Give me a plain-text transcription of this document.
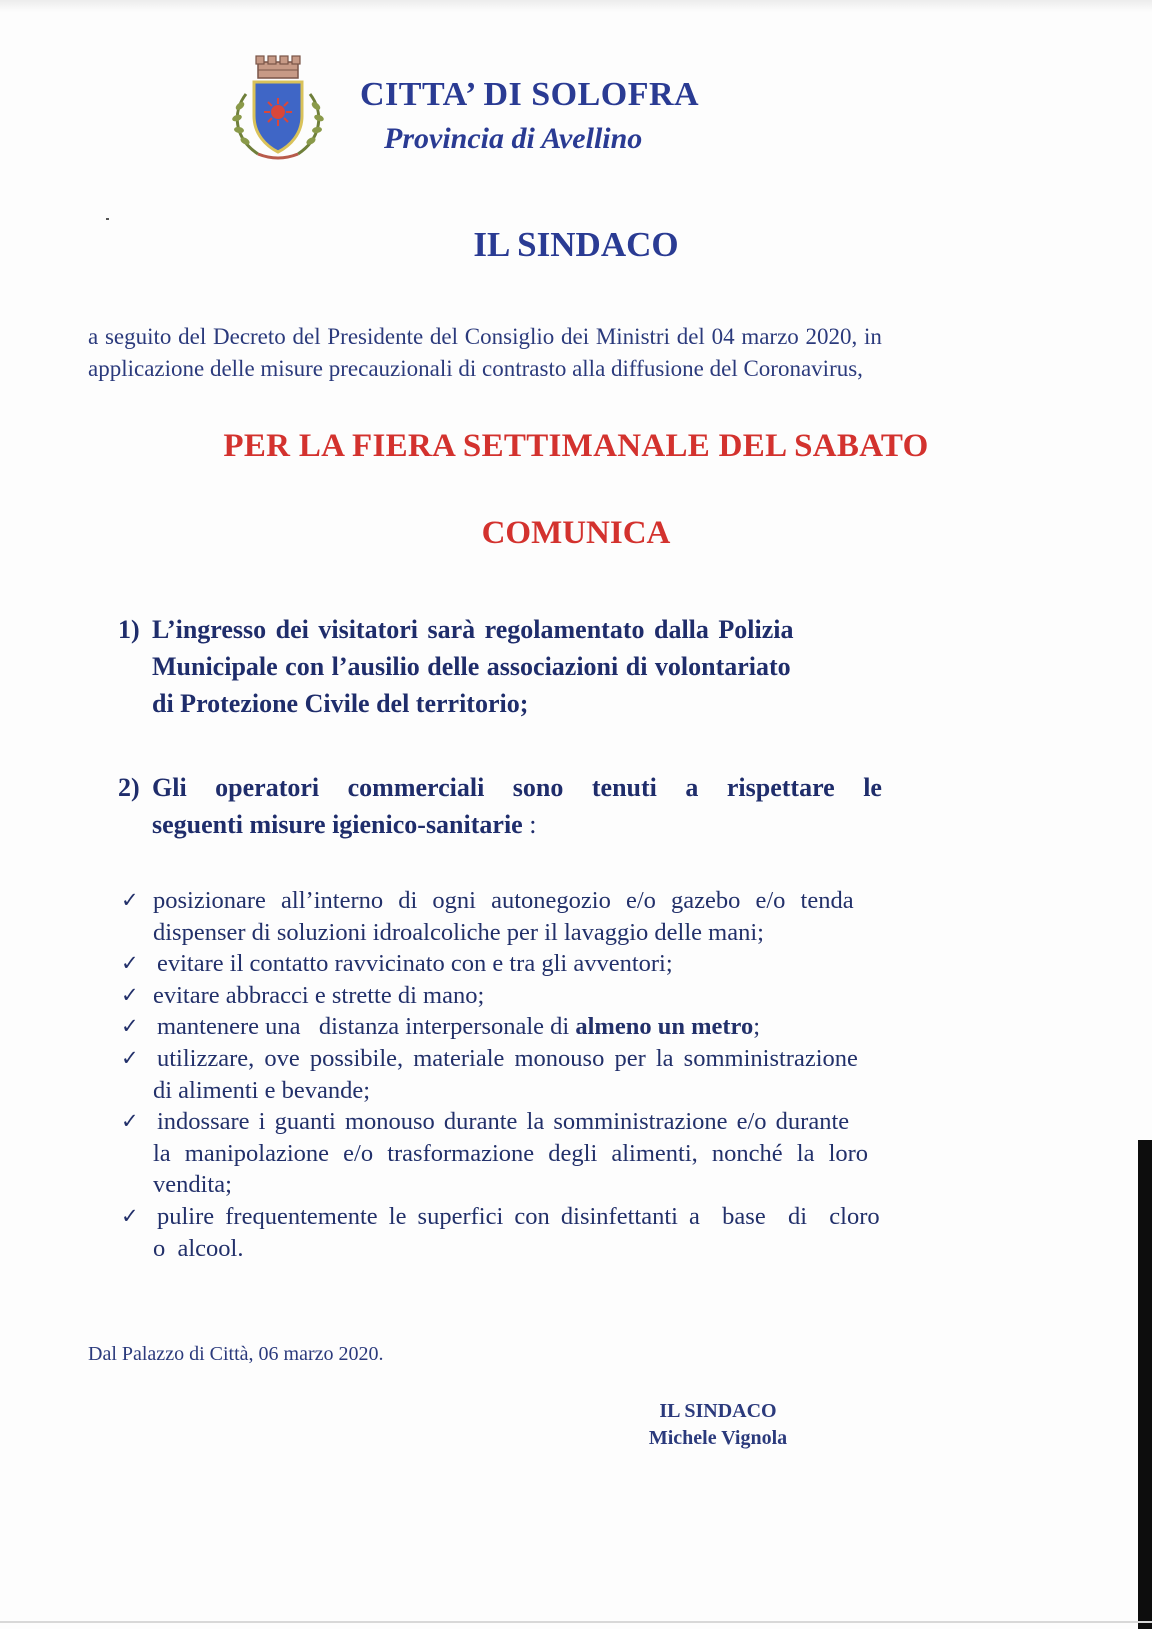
CITTA’ DI SOLOFRA
Provincia di Avellino
IL SINDACO
a seguito del Decreto del Presidente del Consiglio dei Ministri del 04 marzo 2020, in
applicazione delle misure precauzionali di contrasto alla diffusione del Coronavirus,
PER LA FIERA SETTIMANALE DEL SABATO
COMUNICA
1) L’ingresso dei visitatori sarà regolamentato dalla Polizia
Municipale con l’ausilio delle associazioni di volontariato
di Protezione Civile del territorio;
2) Gli operatori commerciali sono tenuti a rispettare le
seguenti misure igienico-sanitarie :
✓ posizionare all’interno di ogni autonegozio e/o gazebo e/o tenda
dispenser di soluzioni idroalcoliche per il lavaggio delle mani;
✓ evitare il contatto ravvicinato con e tra gli avventori;
✓ evitare abbracci e strette di mano;
✓ mantenere una   distanza interpersonale di almeno un metro;
✓ utilizzare, ove possibile, materiale monouso per la somministrazione
di alimenti e bevande;
✓ indossare i guanti monouso durante la somministrazione e/o durante
la manipolazione e/o trasformazione degli alimenti, nonché la loro
vendita;
✓ pulire frequentemente le superfici con disinfettanti a  base  di  cloro
o  alcool.
Dal Palazzo di Città, 06 marzo 2020.
IL SINDACO
Michele Vignola
